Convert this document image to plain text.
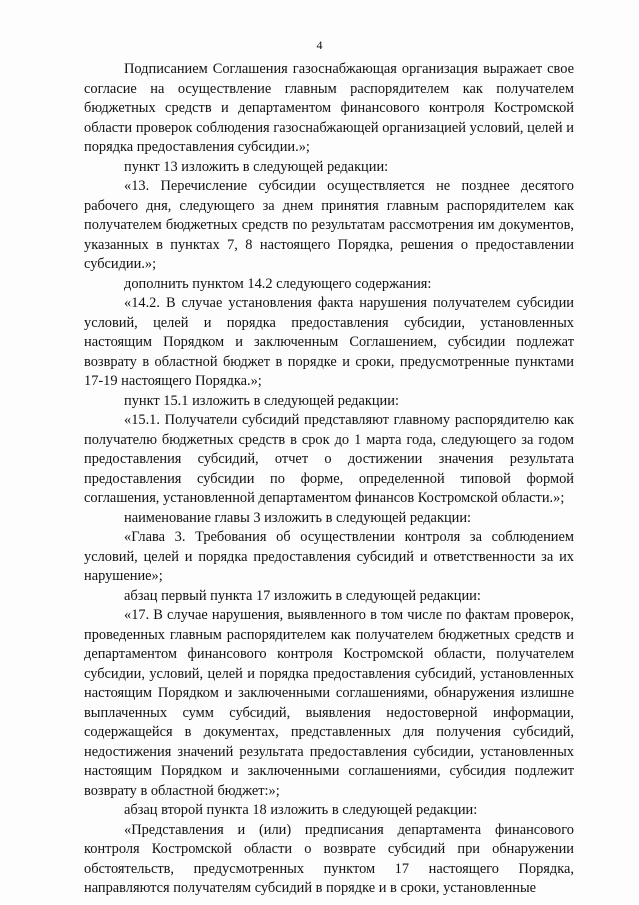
4

Подписанием Соглашения газоснабжающая организация выражает свое согласие на осуществление главным распорядителем как получателем бюджетных средств и департаментом финансового контроля Костромской области проверок соблюдения газоснабжающей организацией условий, целей и порядка предоставления субсидии.»;

пункт 13 изложить в следующей редакции:

«13. Перечисление субсидии осуществляется не позднее десятого рабочего дня, следующего за днем принятия главным распорядителем как получателем бюджетных средств по результатам рассмотрения им документов, указанных в пунктах 7, 8 настоящего Порядка, решения о предоставлении субсидии.»;

дополнить пунктом 14.2 следующего содержания:

«14.2. В случае установления факта нарушения получателем субсидии условий, целей и порядка предоставления субсидии, установленных настоящим Порядком и заключенным Соглашением, субсидии подлежат возврату в областной бюджет в порядке и сроки, предусмотренные пунктами 17-19 настоящего Порядка.»;

пункт 15.1 изложить в следующей редакции:

«15.1. Получатели субсидий представляют главному распорядителю как получателю бюджетных средств в срок до 1 марта года, следующего за годом предоставления субсидий, отчет о достижении значения результата предоставления субсидии по форме, определенной типовой формой соглашения, установленной департаментом финансов Костромской области.»;

наименование главы 3 изложить в следующей редакции:

«Глава 3. Требования об осуществлении контроля за соблюдением условий, целей и порядка предоставления субсидий и ответственности за их нарушение»;

абзац первый пункта 17 изложить в следующей редакции:

«17. В случае нарушения, выявленного в том числе по фактам проверок, проведенных главным распорядителем как получателем бюджетных средств и департаментом финансового контроля Костромской области, получателем субсидии, условий, целей и порядка предоставления субсидий, установленных настоящим Порядком и заключенными соглашениями, обнаружения излишне выплаченных сумм субсидий, выявления недостоверной информации, содержащейся в документах, представленных для получения субсидий, недостижения значений результата предоставления субсидии, установленных настоящим Порядком и заключенными соглашениями, субсидия подлежит возврату в областной бюджет:»;

абзац второй пункта 18 изложить в следующей редакции:

«Представления и (или) предписания департамента финансового контроля Костромской области о возврате субсидий при обнаружении обстоятельств, предусмотренных пунктом 17 настоящего Порядка, направляются получателям субсидий в порядке и в сроки, установленные
